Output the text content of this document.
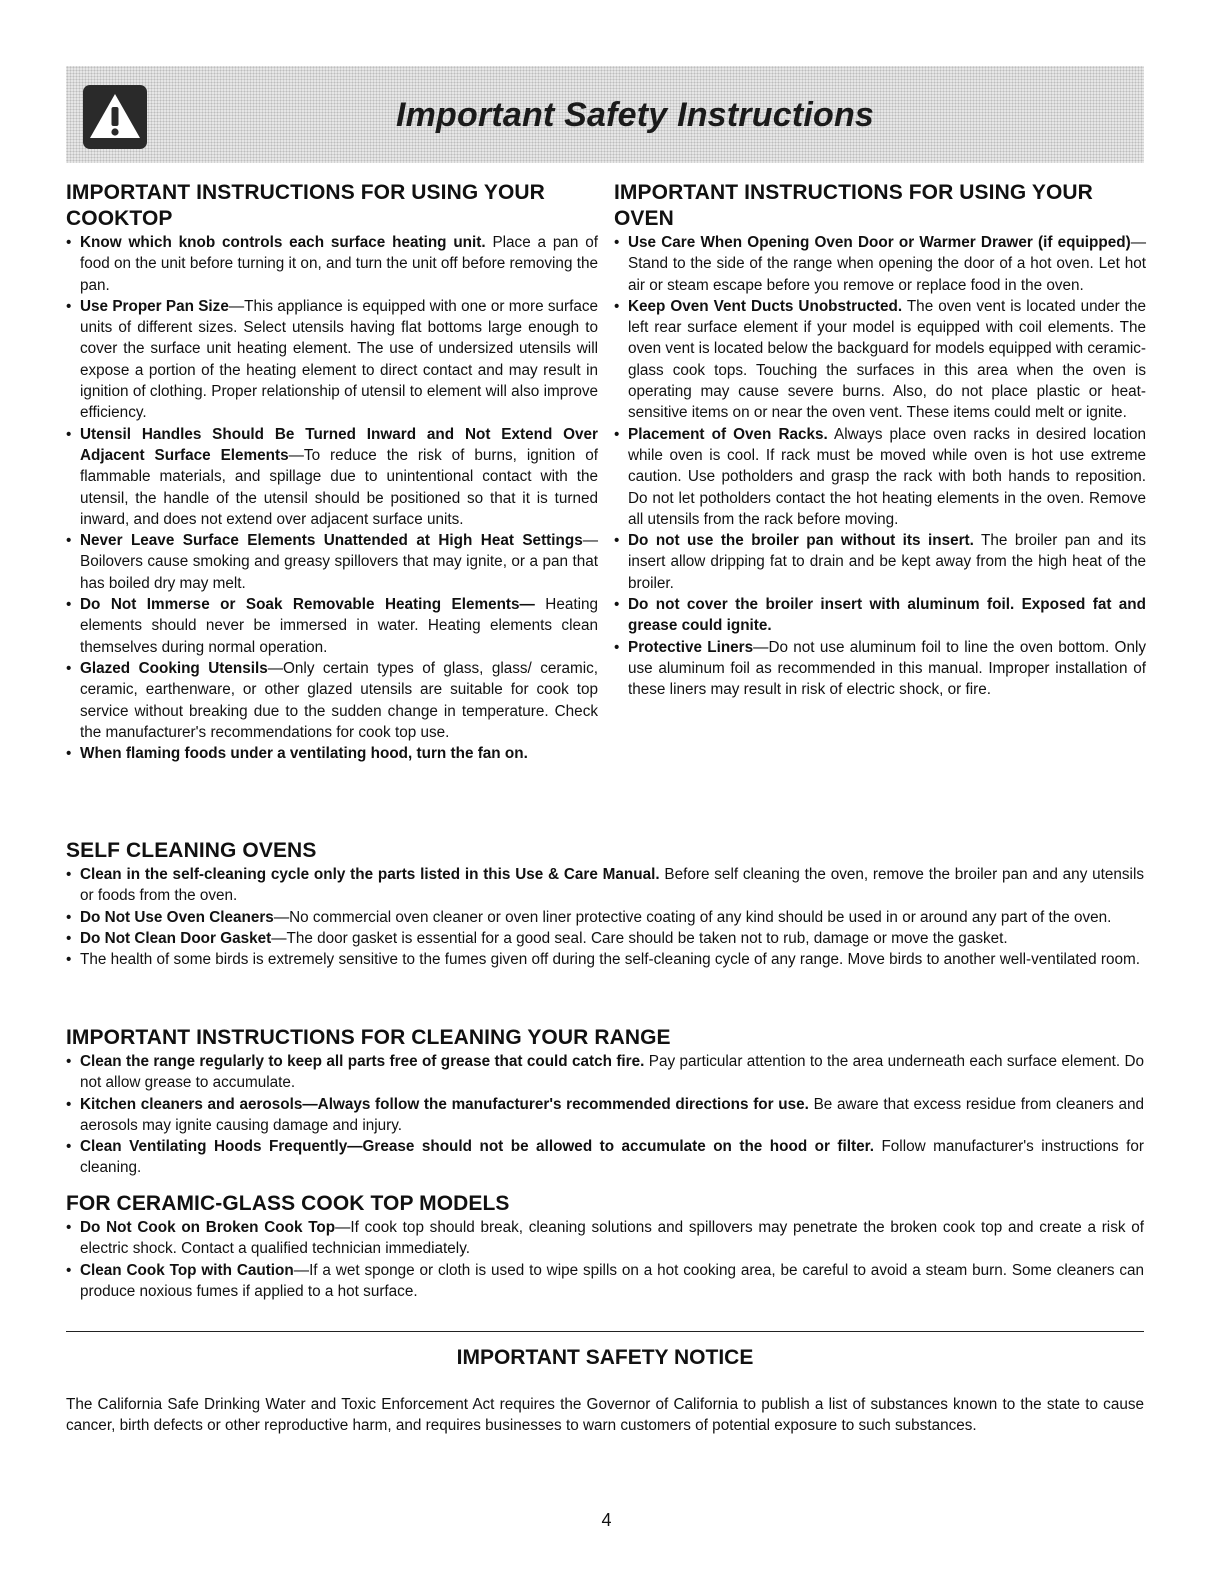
Important Safety Instructions
IMPORTANT INSTRUCTIONS FOR USING YOUR COOKTOP
• Know which knob controls each surface heating unit. Place a pan of food on the unit before turning it on, and turn the unit off before removing the pan.
• Use Proper Pan Size—This appliance is equipped with one or more surface units of different sizes. Select utensils having flat bottoms large enough to cover the surface unit heating element. The use of undersized utensils will expose a portion of the heating element to direct contact and may result in ignition of clothing. Proper relationship of utensil to element will also improve efficiency.
• Utensil Handles Should Be Turned Inward and Not Extend Over Adjacent Surface Elements—To reduce the risk of burns, ignition of flammable materials, and spillage due to unintentional contact with the utensil, the handle of the utensil should be positioned so that it is turned inward, and does not extend over adjacent surface units.
• Never Leave Surface Elements Unattended at High Heat Settings—Boilovers cause smoking and greasy spillovers that may ignite, or a pan that has boiled dry may melt.
• Do Not Immerse or Soak Removable Heating Elements— Heating elements should never be immersed in water. Heating elements clean themselves during normal operation.
• Glazed Cooking Utensils—Only certain types of glass, glass/ ceramic, ceramic, earthenware, or other glazed utensils are suitable for cook top service without breaking due to the sudden change in temperature. Check the manufacturer's recommendations for cook top use.
• When flaming foods under a ventilating hood, turn the fan on.
IMPORTANT INSTRUCTIONS FOR USING YOUR OVEN
• Use Care When Opening Oven Door or Warmer Drawer (if equipped)—Stand to the side of the range when opening the door of a hot oven. Let hot air or steam escape before you remove or replace food in the oven.
• Keep Oven Vent Ducts Unobstructed. The oven vent is located under the left rear surface element if your model is equipped with coil elements. The oven vent is located below the backguard for models equipped with ceramic-glass cook tops. Touching the surfaces in this area when the oven is operating may cause severe burns. Also, do not place plastic or heat-sensitive items on or near the oven vent. These items could melt or ignite.
• Placement of Oven Racks. Always place oven racks in desired location while oven is cool. If rack must be moved while oven is hot use extreme caution. Use potholders and grasp the rack with both hands to reposition. Do not let potholders contact the hot heating elements in the oven. Remove all utensils from the rack before moving.
• Do not use the broiler pan without its insert. The broiler pan and its insert allow dripping fat to drain and be kept away from the high heat of the broiler.
• Do not cover the broiler insert with aluminum foil. Exposed fat and grease could ignite.
• Protective Liners—Do not use aluminum foil to line the oven bottom. Only use aluminum foil as recommended in this manual. Improper installation of these liners may result in risk of electric shock, or fire.
SELF CLEANING OVENS
• Clean in the self-cleaning cycle only the parts listed in this Use & Care Manual. Before self cleaning the oven, remove the broiler pan and any utensils or foods from the oven.
• Do Not Use Oven Cleaners—No commercial oven cleaner or oven liner protective coating of any kind should be used in or around any part of the oven.
• Do Not Clean Door Gasket—The door gasket is essential for a good seal. Care should be taken not to rub, damage or move the gasket.
• The health of some birds is extremely sensitive to the fumes given off during the self-cleaning cycle of any range. Move birds to another well-ventilated room.
IMPORTANT INSTRUCTIONS FOR CLEANING YOUR RANGE
• Clean the range regularly to keep all parts free of grease that could catch fire. Pay particular attention to the area underneath each surface element. Do not allow grease to accumulate.
• Kitchen cleaners and aerosols—Always follow the manufacturer's recommended directions for use. Be aware that excess residue from cleaners and aerosols may ignite causing damage and injury.
• Clean Ventilating Hoods Frequently—Grease should not be allowed to accumulate on the hood or filter. Follow manufacturer's instructions for cleaning.
FOR CERAMIC-GLASS COOK TOP MODELS
• Do Not Cook on Broken Cook Top—If cook top should break, cleaning solutions and spillovers may penetrate the broken cook top and create a risk of electric shock. Contact a qualified technician immediately.
• Clean Cook Top with Caution—If a wet sponge or cloth is used to wipe spills on a hot cooking area, be careful to avoid a steam burn. Some cleaners can produce noxious fumes if applied to a hot surface.
IMPORTANT SAFETY NOTICE

The California Safe Drinking Water and Toxic Enforcement Act requires the Governor of California to publish a list of substances known to the state to cause cancer, birth defects or other reproductive harm, and requires businesses to warn customers of potential exposure to such substances.

4
